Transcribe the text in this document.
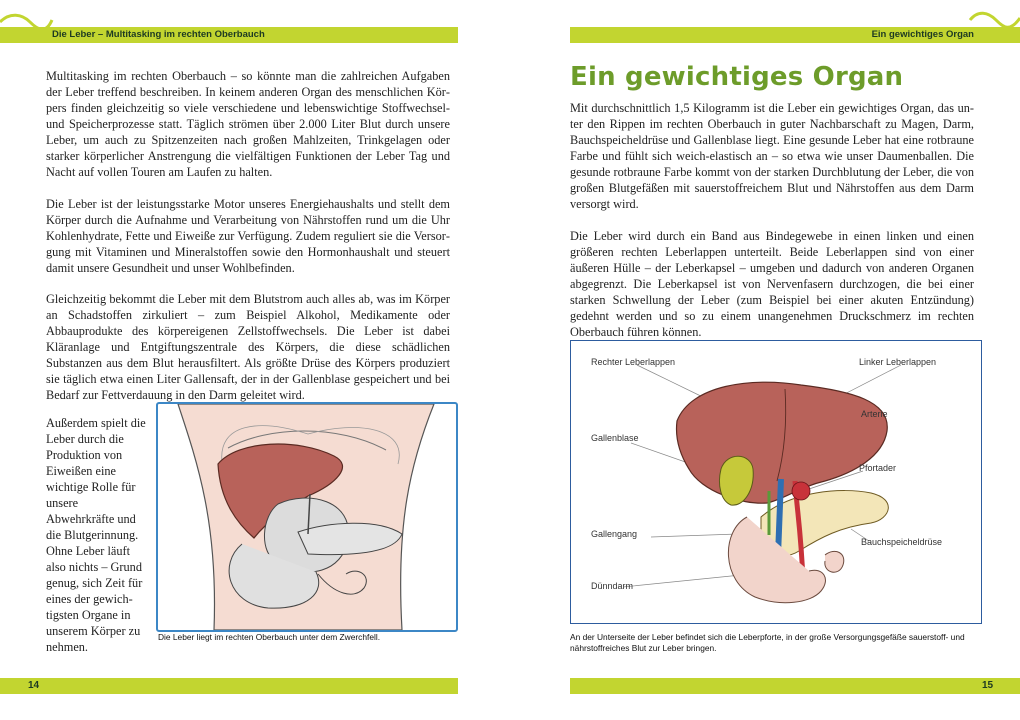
Die Leber – Multitasking im rechten Oberbauch	Ein gewichtiges Organ

Multitasking im rechten Oberbauch – so könnte man die zahlreichen Aufgaben der Leber treffend beschreiben. In keinem anderen Organ des menschlichen Körpers finden gleichzeitig so viele verschiedene und lebenswichtige Stoffwechsel- und Speicherprozesse statt. Täglich strömen über 2.000 Liter Blut durch unsere Leber, um auch zu Spitzenzeiten nach großen Mahlzeiten, Trinkgelagen oder starker körperlicher Anstrengung die vielfältigen Funktionen der Leber Tag und Nacht auf vollen Touren am Laufen zu halten.

Die Leber ist der leistungsstarke Motor unseres Energiehaushalts und stellt dem Körper durch die Aufnahme und Verarbeitung von Nährstoffen rund um die Uhr Kohlenhydrate, Fette und Eiweiße zur Verfügung. Zudem reguliert sie die Versorgung mit Vitaminen und Mineralstoffen sowie den Hormonhaushalt und steuert damit unsere Gesundheit und unser Wohlbefinden.

Gleichzeitig bekommt die Leber mit dem Blutstrom auch alles ab, was im Körper an Schadstoffen zirkuliert – zum Beispiel Alkohol, Medikamente oder Abbauprodukte des körpereigenen Zellstoffwechsels. Die Leber ist dabei Kläranlage und Entgiftungszentrale des Körpers, die diese schädlichen Substanzen aus dem Blut herausfiltert. Als größte Drüse des Körpers produziert sie täglich etwa einen Liter Gallensaft, der in der Gallenblase gespeichert und bei Bedarf zur Fettverdauung in den Darm geleitet wird.

Außerdem spielt die Leber durch die Produktion von Eiweißen eine wichtige Rolle für unsere Abwehrkräfte und die Blutgerinnung. Ohne Leber läuft also nichts – Grund genug, sich Zeit für eines der gewichtigsten Organe in unserem Körper zu nehmen.

Die Leber liegt im rechten Oberbauch unter dem Zwerchfell.
Ein gewichtiges Organ

Mit durchschnittlich 1,5 Kilogramm ist die Leber ein gewichtiges Organ, das unter den Rippen im rechten Oberbauch in guter Nachbarschaft zu Magen, Darm, Bauchspeicheldrüse und Gallenblase liegt. Eine gesunde Leber hat eine rotbraune Farbe und fühlt sich weich-elastisch an – so etwa wie unser Daumenballen. Die gesunde rotbraune Farbe kommt von der starken Durchblutung der Leber, die von großen Blutgefäßen mit sauerstoffreichem Blut und Nährstoffen aus dem Darm versorgt wird.

Die Leber wird durch ein Band aus Bindegewebe in einen linken und einen größeren rechten Leberlappen unterteilt. Beide Leberlappen sind von einer äußeren Hülle – der Leberkapsel – umgeben und dadurch von anderen Organen abgegrenzt. Die Leberkapsel ist von Nervenfasern durchzogen, die bei einer starken Schwellung der Leber (zum Beispiel bei einer akuten Entzündung) gedehnt werden und so zu einem unangenehmen Druckschmerz im rechten Oberbauch führen können.

Rechter Leberlappen	Linker Leberlappen
Arterie
Gallenblase
Pfortader
Gallengang
Bauchspeicheldrüse
Dünndarm
An der Unterseite der Leber befindet sich die Leberpforte, in der große Versorgungsgefäße sauerstoff- und nährstoffreiches Blut zur Leber bringen.
14	15
